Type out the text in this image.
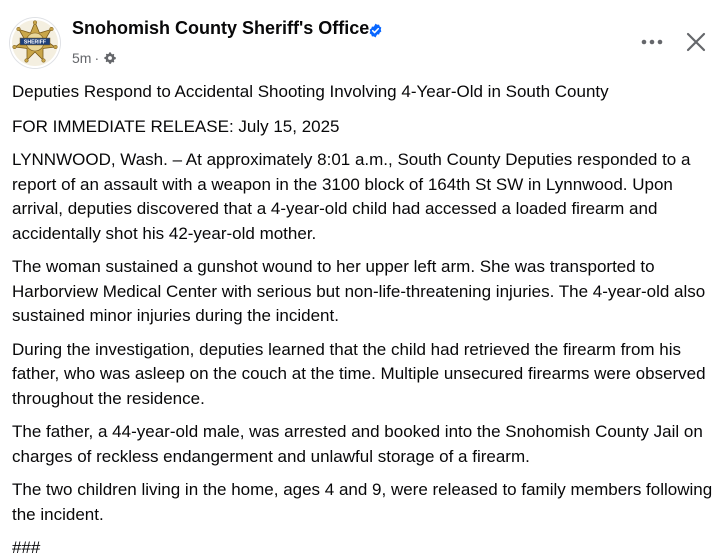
SHERIFF
Snohomish County Sheriff's Office
5m ·

Deputies Respond to Accidental Shooting Involving 4-Year-Old in South County

FOR IMMEDIATE RELEASE: July 15, 2025

LYNNWOOD, Wash. – At approximately 8:01 a.m., South County Deputies responded to a report of an assault with a weapon in the 3100 block of 164th St SW in Lynnwood. Upon arrival, deputies discovered that a 4-year-old child had accessed a loaded firearm and accidentally shot his 42-year-old mother.

The woman sustained a gunshot wound to her upper left arm. She was transported to Harborview Medical Center with serious but non-life-threatening injuries. The 4-year-old also sustained minor injuries during the incident.

During the investigation, deputies learned that the child had retrieved the firearm from his father, who was asleep on the couch at the time. Multiple unsecured firearms were observed throughout the residence.

The father, a 44-year-old male, was arrested and booked into the Snohomish County Jail on charges of reckless endangerment and unlawful storage of a firearm.

The two children living in the home, ages 4 and 9, were released to family members following the incident.

###
